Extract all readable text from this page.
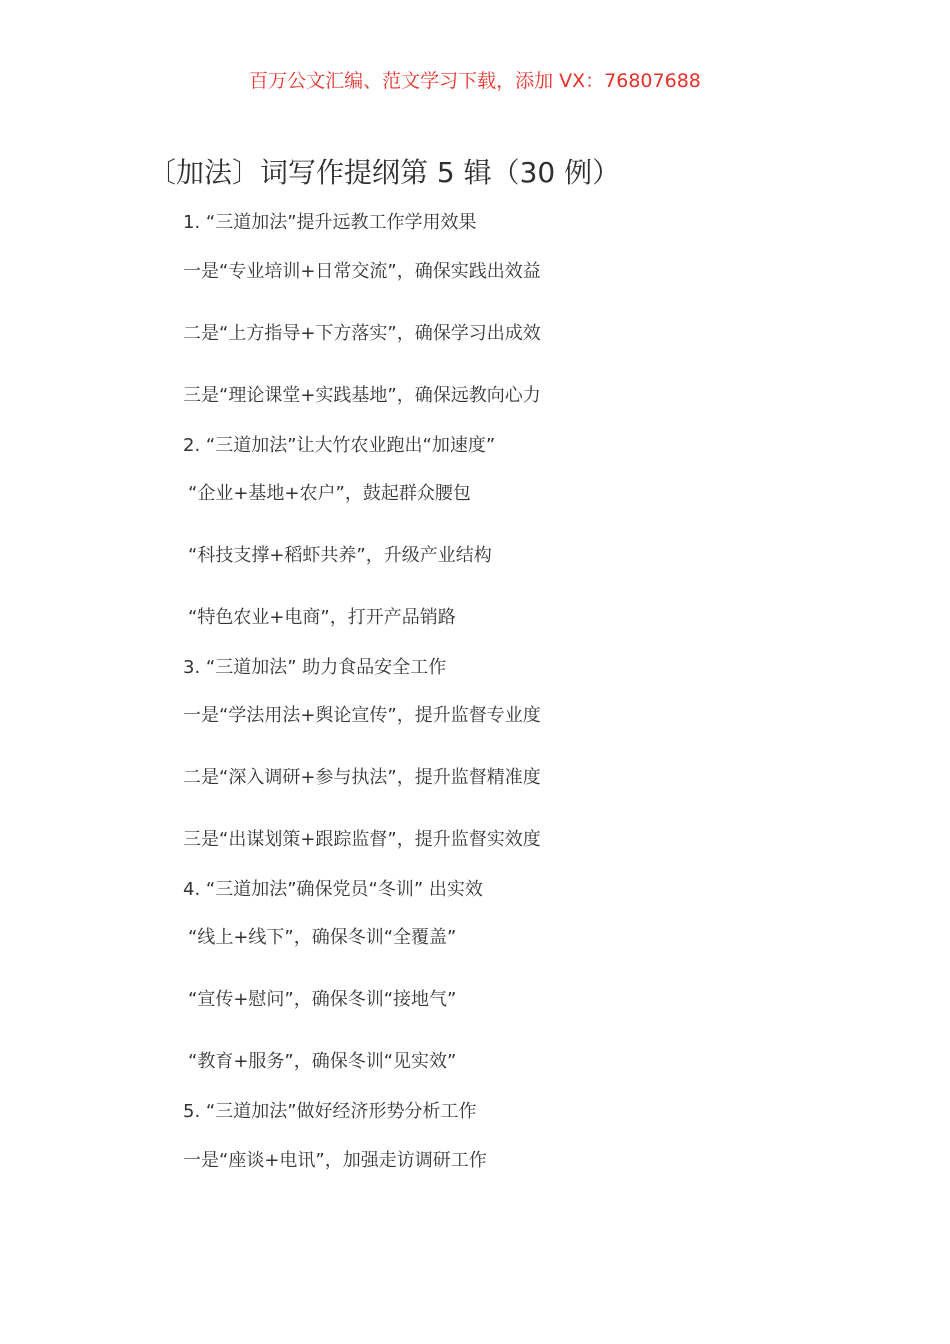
百万公文汇编、范文学习下载，添加 VX：76807688
〔加法〕词写作提纲第 5 辑（30 例）
1. “三道加法”提升远教工作学用效果
一是“专业培训+日常交流”，确保实践出效益
二是“上方指导+下方落实”，确保学习出成效
三是“理论课堂+实践基地”，确保远教向心力
2. “三道加法”让大竹农业跑出“加速度”
“企业+基地+农户”，鼓起群众腰包
“科技支撑+稻虾共养”，升级产业结构
“特色农业+电商”，打开产品销路
3. “三道加法” 助力食品安全工作
一是“学法用法+舆论宣传”，提升监督专业度
二是“深入调研+参与执法”，提升监督精准度
三是“出谋划策+跟踪监督”，提升监督实效度
4. “三道加法”确保党员“冬训” 出实效
“线上+线下”，确保冬训“全覆盖”
“宣传+慰问”，确保冬训“接地气”
“教育+服务”，确保冬训“见实效”
5. “三道加法”做好经济形势分析工作
一是“座谈+电讯”，加强走访调研工作
